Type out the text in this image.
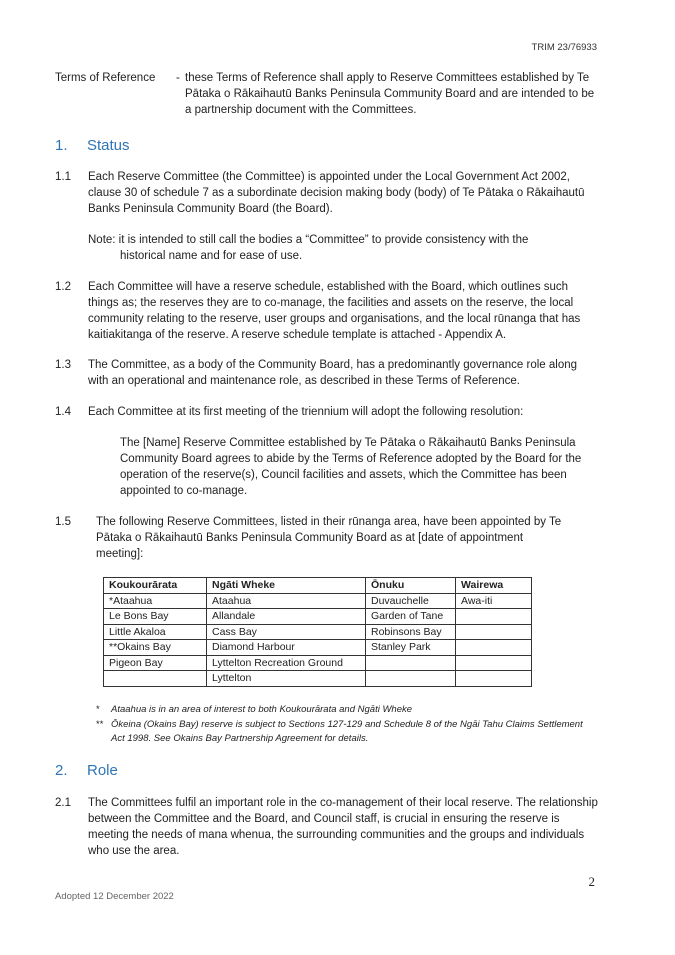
TRIM 23/76933
Terms of Reference - these Terms of Reference shall apply to Reserve Committees established by Te Pātaka o Rākaihautū Banks Peninsula Community Board and are intended to be a partnership document with the Committees.
1. Status
1.1 Each Reserve Committee (the Committee) is appointed under the Local Government Act 2002, clause 30 of schedule 7 as a subordinate decision making body (body) of Te Pātaka o Rākaihautū Banks Peninsula Community Board (the Board).
Note: it is intended to still call the bodies a “Committee” to provide consistency with the
historical name and for ease of use.
1.2 Each Committee will have a reserve schedule, established with the Board, which outlines such things as; the reserves they are to co-manage, the facilities and assets on the reserve, the local community relating to the reserve, user groups and organisations, and the local rūnanga that has kaitiakitanga of the reserve. A reserve schedule template is attached - Appendix A.
1.3 The Committee, as a body of the Community Board, has a predominantly governance role along with an operational and maintenance role, as described in these Terms of Reference.
1.4 Each Committee at its first meeting of the triennium will adopt the following resolution:
The [Name] Reserve Committee established by Te Pātaka o Rākaihautū Banks Peninsula Community Board agrees to abide by the Terms of Reference adopted by the Board for the operation of the reserve(s), Council facilities and assets, which the Committee has been appointed to co-manage.
1.5 The following Reserve Committees, listed in their rūnanga area, have been appointed by Te Pātaka o Rākaihautū Banks Peninsula Community Board as at [date of appointment meeting]:
Koukourārata	Ngāti Wheke	Ōnuku	Wairewa
*Ataahua	Ataahua	Duvauchelle	Awa-iti
Le Bons Bay	Allandale	Garden of Tane	
Little Akaloa	Cass Bay	Robinsons Bay	
**Okains Bay	Diamond Harbour	Stanley Park	
Pigeon Bay	Lyttelton Recreation Ground		
	Lyttelton		
* Ataahua is in an area of interest to both Koukourārata and Ngāti Wheke
** Ōkeina (Okains Bay) reserve is subject to Sections 127-129 and Schedule 8 of the Ngāi Tahu Claims Settlement Act 1998. See Okains Bay Partnership Agreement for details.
2. Role
2.1 The Committees fulfil an important role in the co-management of their local reserve. The relationship between the Committee and the Board, and Council staff, is crucial in ensuring the reserve is meeting the needs of mana whenua, the surrounding communities and the groups and individuals who use the area.
2
Adopted 12 December 2022
